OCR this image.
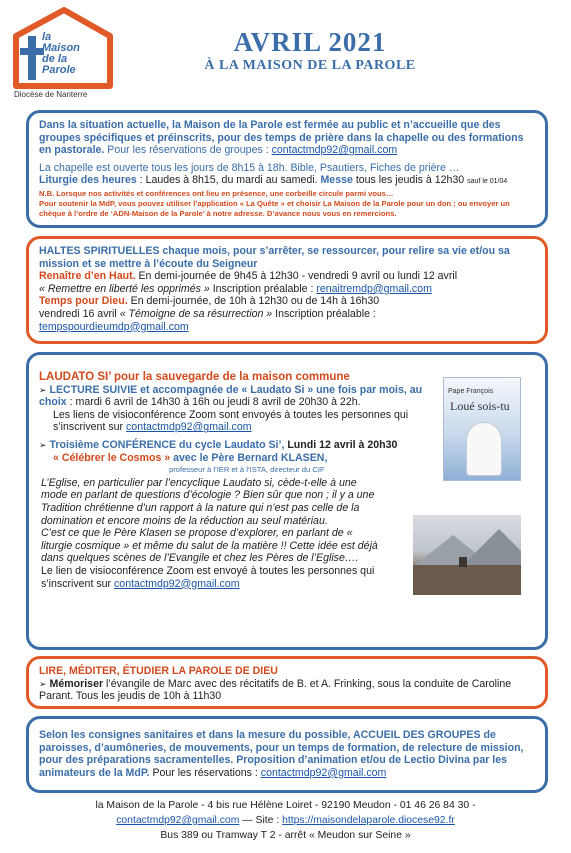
la
Maison
de la
Parole
Diocèse de Nanterre
AVRIL 2021
À LA MAISON DE LA PAROLE

Dans la situation actuelle, la Maison de la Parole est fermée au public et n’accueille que des groupes spécifiques et préinscrits, pour des temps de prière dans la chapelle ou des formations en pastorale. Pour les réservations de groupes : contactmdp92@gmail.com

La chapelle est ouverte tous les jours de 8h15 à 18h. Bible, Psautiers, Fiches de prière …

Liturgie des heures : Laudes à 8h15, du mardi au samedi. Messe tous les jeudis à 12h30 sauf le 01/04

N.B. Lorsque nos activités et conférences ont lieu en présence, une corbeille circule parmi vous…

Pour soutenir la MdP, vous pouvez utiliser l’application « La Quête » et choisir La Maison de la Parole pour un don ; ou envoyer un chèque à l’ordre de ‘ADN-Maison de la Parole’ à notre adresse. D’avance nous vous en remercions.

HALTES SPIRITUELLES chaque mois, pour s’arrêter, se ressourcer, pour relire sa vie et/ou sa mission et se mettre à l’écoute du Seigneur

Renaître d’en Haut. En demi-journée de 9h45 à 12h30 - vendredi 9 avril ou lundi 12 avril

« Remettre en liberté les opprimés » Inscription préalable : renaitremdp@gmail.com

Temps pour Dieu. En demi-journée, de 10h à 12h30 ou de 14h à 16h30

vendredi 16 avril « Témoigne de sa résurrection » Inscription préalable :

tempspourdieumdp@gmail.com

Pape François
Loué sois-tu

LAUDATO SI’ pour la sauvegarde de la maison commune

➢ LECTURE SUIVIE et accompagnée de « Laudato Si » une fois par mois, au choix : mardi 6 avril de 14h30 à 16h ou jeudi 8 avril de 20h30 à 22h.

Les liens de visioconférence Zoom sont envoyés à toutes les personnes qui s’inscrivent sur contactmdp92@gmail.com

➢ Troisième CONFÉRENCE du cycle Laudato Si’, Lundi 12 avril à 20h30

« Célébrer le Cosmos » avec le Père Bernard KLASEN,

professeur à l’IER et à l’ISTA, directeur du CIF

L’Eglise, en particulier par l’encyclique Laudato si, cède-t-elle à une mode en parlant de questions d’écologie ? Bien sûr que non ; il y a une Tradition chrétienne d’un rapport à la nature qui n’est pas celle de la domination et encore moins de la réduction au seul matériau.

C’est ce que le Père Klasen se propose d’explorer, en parlant de « liturgie cosmique » et même du salut de la matière !! Cette idée est déjà dans quelques scènes de l’Evangile et chez les Pères de l’Eglise….

Le lien de visioconférence Zoom est envoyé à toutes les personnes qui s’inscrivent sur contactmdp92@gmail.com

LIRE, MÉDITER, ÉTUDIER LA PAROLE DE DIEU

➢ Mémoriser l’évangile de Marc avec des récitatifs de B. et A. Frinking, sous la conduite de Caroline Parant. Tous les jeudis de 10h à 11h30

Selon les consignes sanitaires et dans la mesure du possible, ACCUEIL DES GROUPES de paroisses, d’aumôneries, de mouvements, pour un temps de formation, de relecture de mission, pour des préparations sacramentelles. Proposition d’animation et/ou de Lectio Divina par les animateurs de la MdP. Pour les réservations : contactmdp92@gmail.com

la Maison de la Parole - 4 bis rue Hélène Loiret - 92190 Meudon - 01 46 26 84 30 -
contactmdp92@gmail.com — Site : https://maisondelaparole.diocese92.fr
Bus 389 ou Tramway T 2 - arrêt « Meudon sur Seine »
